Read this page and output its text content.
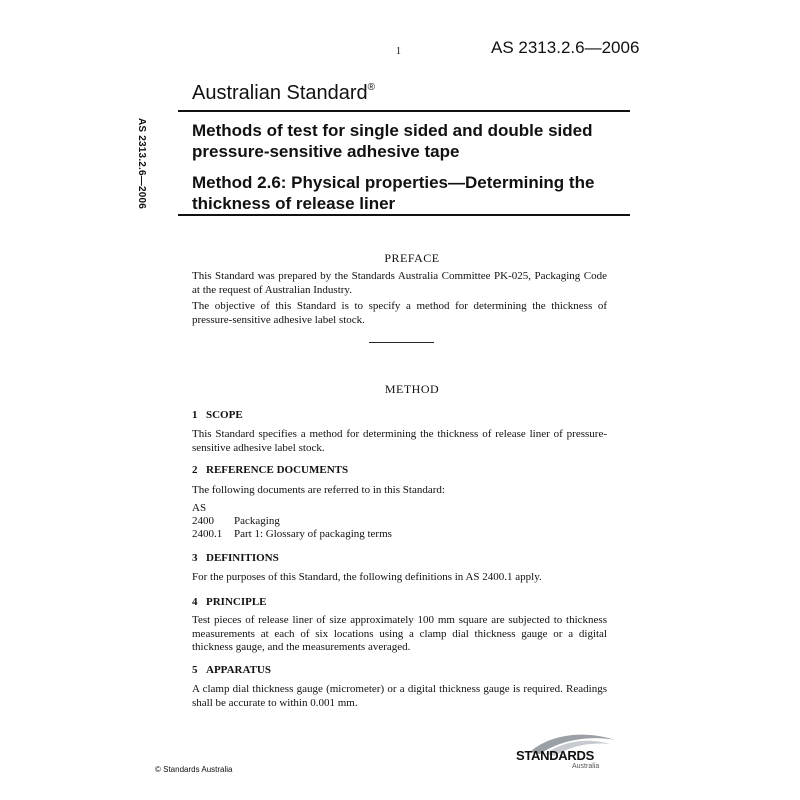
1	AS 2313.2.6—2006
Australian Standard®
AS 2313.2.6—2006	Methods of test for single sided and double sided pressure-sensitive adhesive tape
Method 2.6: Physical properties—Determining the thickness of release liner
PREFACE
This Standard was prepared by the Standards Australia Committee PK-025, Packaging Code at the request of Australian Industry.
The objective of this Standard is to specify a method for determining the thickness of pressure-sensitive adhesive label stock.
METHOD
1 SCOPE
This Standard specifies a method for determining the thickness of release liner of pressure-sensitive adhesive label stock.
2 REFERENCE DOCUMENTS
The following documents are referred to in this Standard:
AS
2400 Packaging
2400.1 Part 1: Glossary of packaging terms
3 DEFINITIONS
For the purposes of this Standard, the following definitions in AS 2400.1 apply.
4 PRINCIPLE
Test pieces of release liner of size approximately 100 mm square are subjected to thickness measurements at each of six locations using a clamp dial thickness gauge or a digital thickness gauge, and the measurements averaged.
5 APPARATUS
A clamp dial thickness gauge (micrometer) or a digital thickness gauge is required. Readings shall be accurate to within 0.001 mm.
© Standards Australia
STANDARDS
Australia
